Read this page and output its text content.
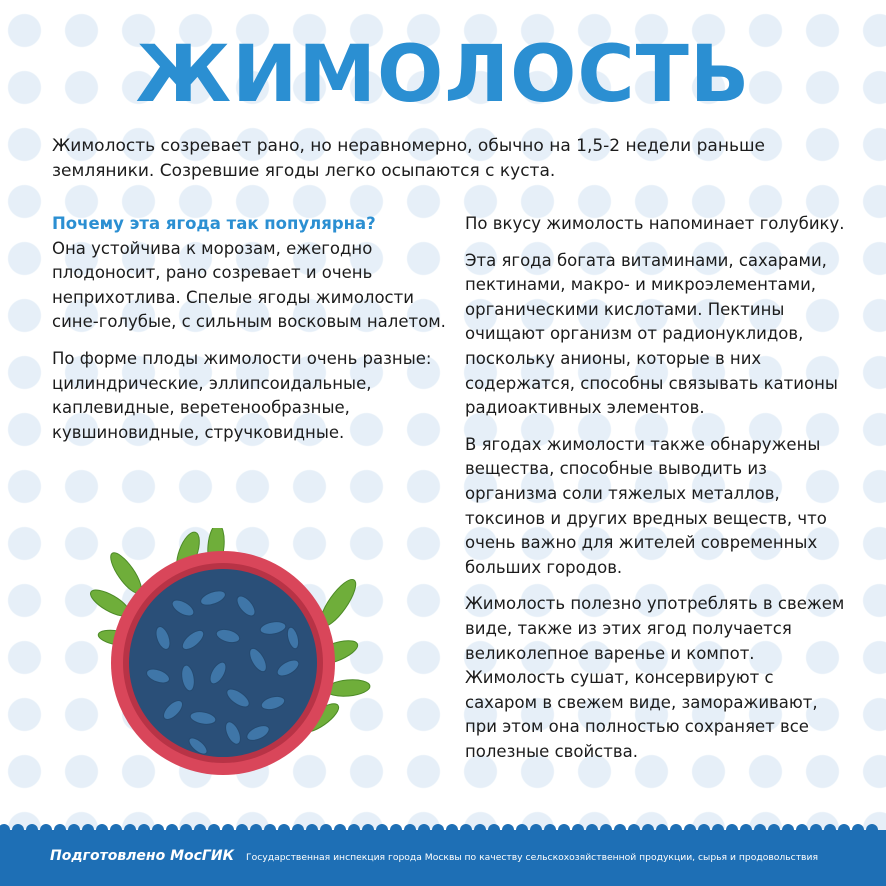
ЖИМОЛОСТЬ

Жимолость созревает рано, но неравномерно, обычно на 1,5-2 недели раньше земляники. Созревшие ягоды легко осыпаются с куста.

Почему эта ягода так популярна?
Она устойчива к морозам, ежегодно плодоносит, рано созревает и очень неприхотлива. Спелые ягоды жимолости сине-голубые, с сильным восковым налетом.

По форме плоды жимолости очень разные: цилиндрические, эллипсоидальные, каплевидные, веретенообразные, кувшиновидные, стручковидные.

По вкусу жимолость напоминает голубику.

Эта ягода богата витаминами, сахарами, пектинами, макро- и микроэлементами, органическими кислотами. Пектины очищают организм от радионуклидов, поскольку анионы, которые в них содержатся, способны связывать катионы радиоактивных элементов.

В ягодах жимолости также обнаружены вещества, способные выводить из организма соли тяжелых металлов, токсинов и других вредных веществ, что очень важно для жителей современных больших городов.

Жимолость полезно употреблять в свежем виде, также из этих ягод получается великолепное варенье и компот. Жимолость сушат, консервируют с сахаром в свежем виде, замораживают, при этом она полностью сохраняет все полезные свойства.

Подготовлено МосГИК Государственная инспекция города Москвы по качеству сельскохозяйственной продукции, сырья и продовольствия
